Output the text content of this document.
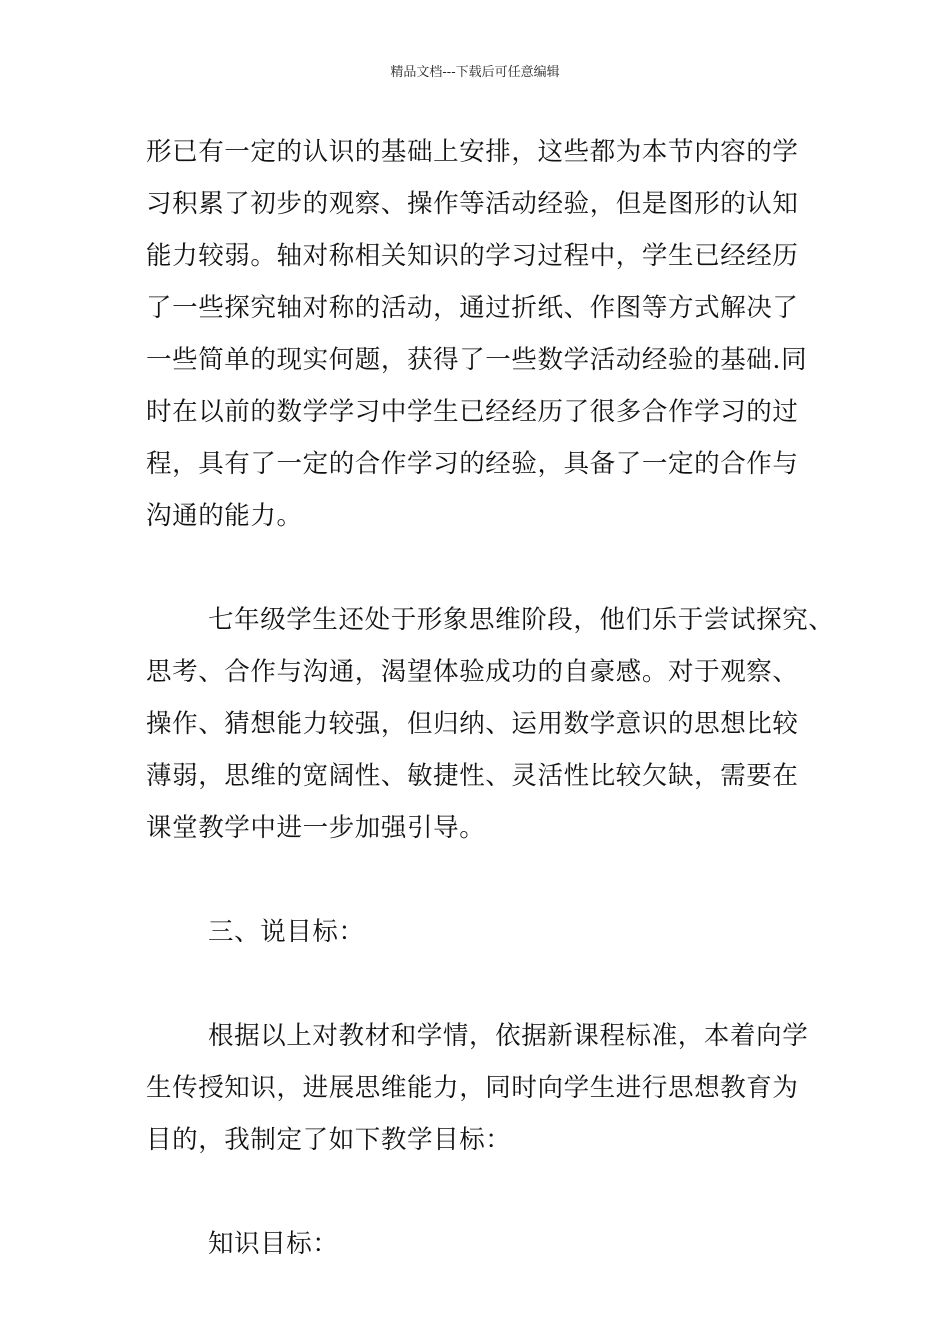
精品文档---下载后可任意编辑
形已有一定的认识的基础上安排，这些都为本节内容的学
习积累了初步的观察、操作等活动经验，但是图形的认知
能力较弱。轴对称相关知识的学习过程中，学生已经经历
了一些探究轴对称的活动，通过折纸、作图等方式解决了
一些简单的现实何题，获得了一些数学活动经验的基础.同
时在以前的数学学习中学生已经经历了很多合作学习的过
程，具有了一定的合作学习的经验，具备了一定的合作与
沟通的能力。
七年级学生还处于形象思维阶段，他们乐于尝试探究、
思考、合作与沟通，渴望体验成功的自豪感。对于观察、
操作、猜想能力较强，但归纳、运用数学意识的思想比较
薄弱，思维的宽阔性、敏捷性、灵活性比较欠缺，需要在
课堂教学中进一步加强引导。
三、说目标：
根据以上对教材和学情，依据新课程标准，本着向学
生传授知识，进展思维能力，同时向学生进行思想教育为
目的，我制定了如下教学目标：
知识目标：
